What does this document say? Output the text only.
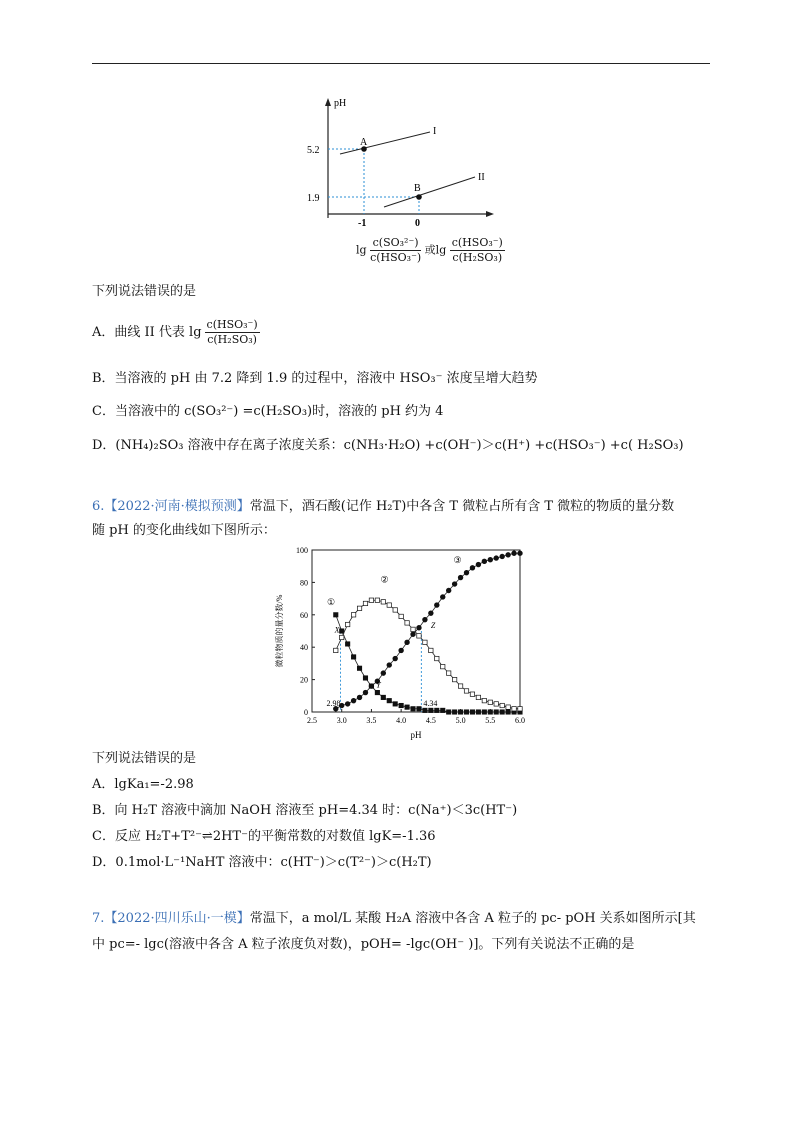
pH
A
B
I
II
5.2
1.9
-1	0
$\lg \frac{\text{c(SO₃²⁻)}}{\text{c(HSO₃⁻)}}$ 或$\lg \frac{\text{c(HSO₃⁻)}}{\text{c(H₂SO₃)}}$
下列说法错误的是
A．曲线 II 代表 $\lg \frac{\text{c(HSO₃⁻)}}{\text{c(H₂SO₃)}}$
B．当溶液的 pH 由 7.2 降到 1.9 的过程中，溶液中 HSO₃⁻ 浓度呈增大趋势
C．当溶液中的 c(SO₃²⁻) =c(H₂SO₃)时，溶液的 pH 约为 4
D．(NH₄)₂SO₃ 溶液中存在离子浓度关系：c(NH₃·H₂O) +c(OH⁻)＞c(H⁺) +c(HSO₃⁻) +c( H₂SO₃)
6.【2022·河南·模拟预测】常温下，酒石酸(记作 H₂T)中各含 T 微粒占所有含 T 微粒的物质的量分数
随 pH 的变化曲线如下图所示：
2.5 3.0 3.5 4.0 4.5 5.0 5.5 6.0
0
20
40
60
80
100
pH
微粒物质的量分数/%
2.98	4.34
①
②
③
X
Y
Z
下列说法错误的是
A．lgKa₁=-2.98
B．向 H₂T 溶液中滴加 NaOH 溶液至 pH=4.34 时：c(Na⁺)＜3c(HT⁻)
C．反应 H₂T+T²⁻⇌2HT⁻的平衡常数的对数值 lgK=-1.36
D．0.1mol·L⁻¹NaHT 溶液中：c(HT⁻)＞c(T²⁻)＞c(H₂T)
7.【2022·四川乐山·一模】常温下，a mol/L 某酸 H₂A 溶液中各含 A 粒子的 pc- pOH 关系如图所示[其
中 pc=- lgc(溶液中各含 A 粒子浓度负对数)，pOH= -lgc(OH⁻ )]。下列有关说法不正确的是
